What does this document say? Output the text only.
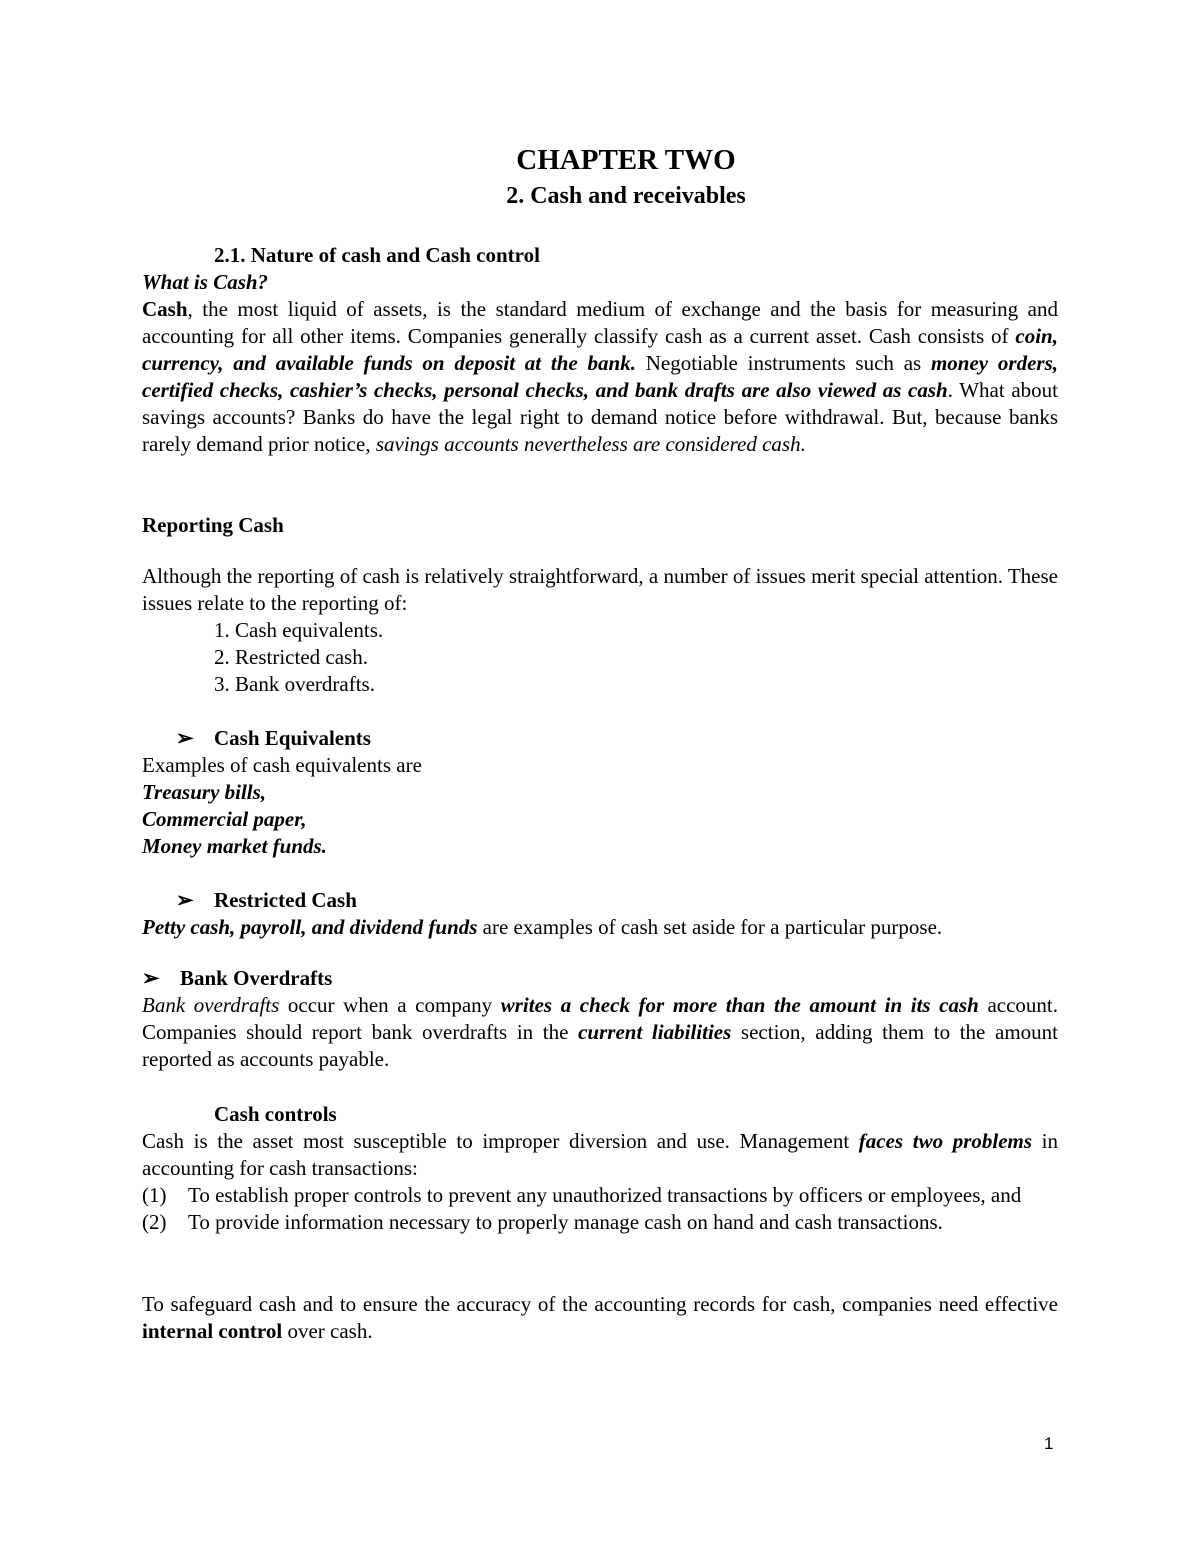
CHAPTER TWO
2. Cash and receivables

2.1. Nature of cash and Cash control

What is Cash?

Cash, the most liquid of assets, is the standard medium of exchange and the basis for measuring and accounting for all other items. Companies generally classify cash as a current asset. Cash consists of coin, currency, and available funds on deposit at the bank. Negotiable instruments such as money orders, certified checks, cashier’s checks, personal checks, and bank drafts are also viewed as cash. What about savings accounts? Banks do have the legal right to demand notice before withdrawal. But, because banks rarely demand prior notice, savings accounts nevertheless are considered cash.

Reporting Cash

Although the reporting of cash is relatively straightforward, a number of issues merit special attention. These issues relate to the reporting of:

1. Cash equivalents.

2. Restricted cash.

3. Bank overdrafts.

➢ Cash Equivalents

Examples of cash equivalents are

Treasury bills,

Commercial paper,

Money market funds.

➢ Restricted Cash

Petty cash, payroll, and dividend funds are examples of cash set aside for a particular purpose.

➢ Bank Overdrafts

Bank overdrafts occur when a company writes a check for more than the amount in its cash account. Companies should report bank overdrafts in the current liabilities section, adding them to the amount reported as accounts payable.

Cash controls

Cash is the asset most susceptible to improper diversion and use. Management faces two problems in accounting for cash transactions:

(1) To establish proper controls to prevent any unauthorized transactions by officers or employees, and

(2) To provide information necessary to properly manage cash on hand and cash transactions.

To safeguard cash and to ensure the accuracy of the accounting records for cash, companies need effective internal control over cash.

1
